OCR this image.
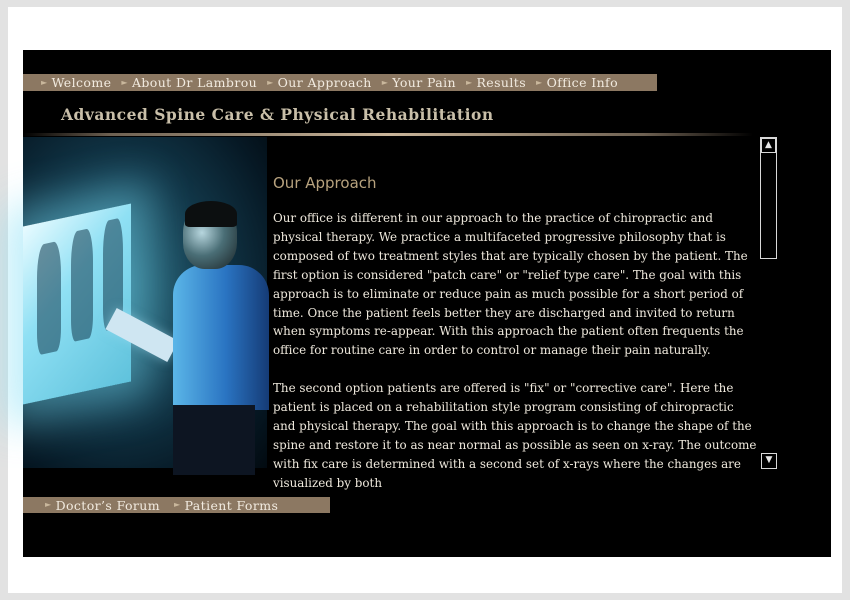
► Welcome ► About Dr Lambrou ► Our Approach ► Your Pain ► Results ► Office Info
Advanced Spine Care & Physical Rehabilitation
Our Approach

Our office is different in our approach to the practice of chiropractic and physical therapy. We practice a multifaceted progressive philosophy that is composed of two treatment styles that are typically chosen by the patient. The first option is considered "patch care" or "relief type care". The goal with this approach is to eliminate or reduce pain as much possible for a short period of time. Once the patient feels better they are discharged and invited to return when symptoms re-appear. With this approach the patient often frequents the office for routine care in order to control or manage their pain naturally.

The second option patients are offered is "fix" or "corrective care". Here the patient is placed on a rehabilitation style program consisting of chiropractic and physical therapy. The goal with this approach is to change the shape of the spine and restore it to as near normal as possible as seen on x-ray. The outcome with fix care is determined with a second set of x-rays where the changes are visualized by both

▲
▼
► Doctor’s Forum ► Patient Forms
